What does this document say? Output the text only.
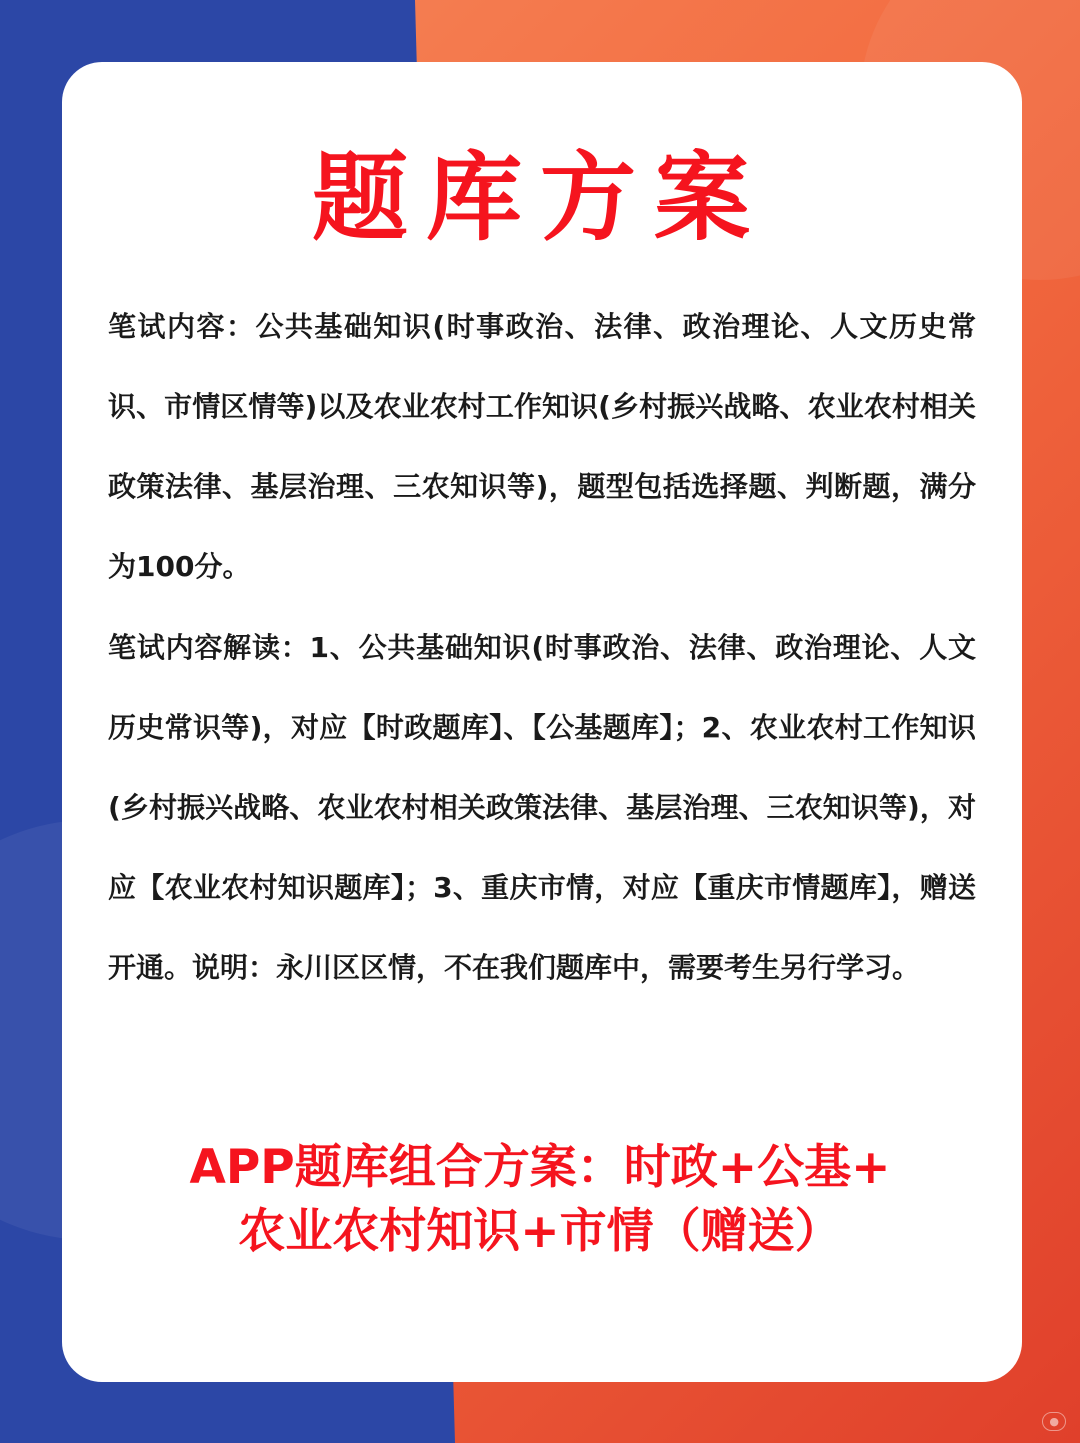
题库方案

笔试内容：公共基础知识(时事政治、法律、政治理论、人文历史常识、市情区情等)以及农业农村工作知识(乡村振兴战略、农业农村相关政策法律、基层治理、三农知识等)，题型包括选择题、判断题，满分为100分。

笔试内容解读：1、公共基础知识(时事政治、法律、政治理论、人文历史常识等)，对应【时政题库】、【公基题库】；2、农业农村工作知识(乡村振兴战略、农业农村相关政策法律、基层治理、三农知识等)，对应【农业农村知识题库】；3、重庆市情，对应【重庆市情题库】，赠送开通。说明：永川区区情，不在我们题库中，需要考生另行学习。

APP题库组合方案：时政+公基+
农业农村知识+市情（赠送）
●
